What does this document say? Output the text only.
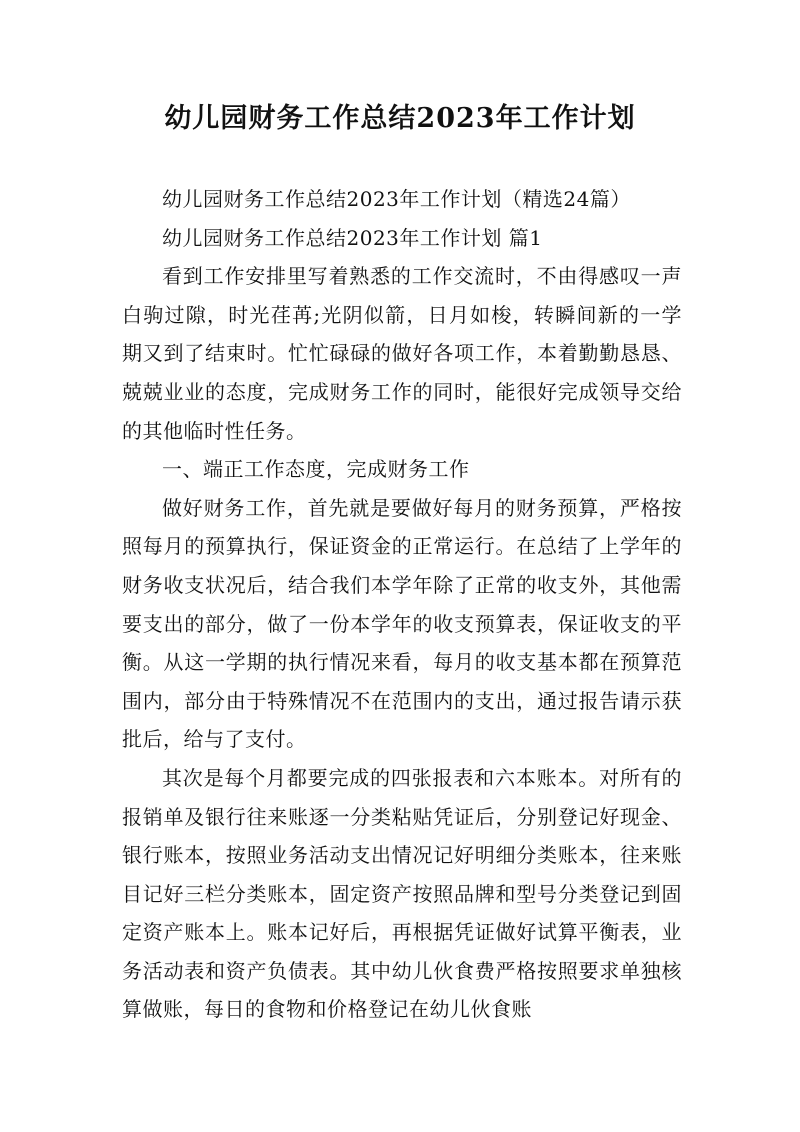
幼儿园财务工作总结2023年工作计划

幼儿园财务工作总结2023年工作计划（精选24篇）

幼儿园财务工作总结2023年工作计划 篇1

看到工作安排里写着熟悉的工作交流时，不由得感叹一声白驹过隙，时光荏苒;光阴似箭，日月如梭，转瞬间新的一学期又到了结束时。忙忙碌碌的做好各项工作，本着勤勤恳恳、兢兢业业的态度，完成财务工作的同时，能很好完成领导交给的其他临时性任务。

一、端正工作态度，完成财务工作

做好财务工作，首先就是要做好每月的财务预算，严格按照每月的预算执行，保证资金的正常运行。在总结了上学年的财务收支状况后，结合我们本学年除了正常的收支外，其他需要支出的部分，做了一份本学年的收支预算表，保证收支的平衡。从这一学期的执行情况来看，每月的收支基本都在预算范围内，部分由于特殊情况不在范围内的支出，通过报告请示获批后，给与了支付。

其次是每个月都要完成的四张报表和六本账本。对所有的报销单及银行往来账逐一分类粘贴凭证后，分别登记好现金、银行账本，按照业务活动支出情况记好明细分类账本，往来账目记好三栏分类账本，固定资产按照品牌和型号分类登记到固定资产账本上。账本记好后，再根据凭证做好试算平衡表，业务活动表和资产负债表。其中幼儿伙食费严格按照要求单独核算做账，每日的食物和价格登记在幼儿伙食账
